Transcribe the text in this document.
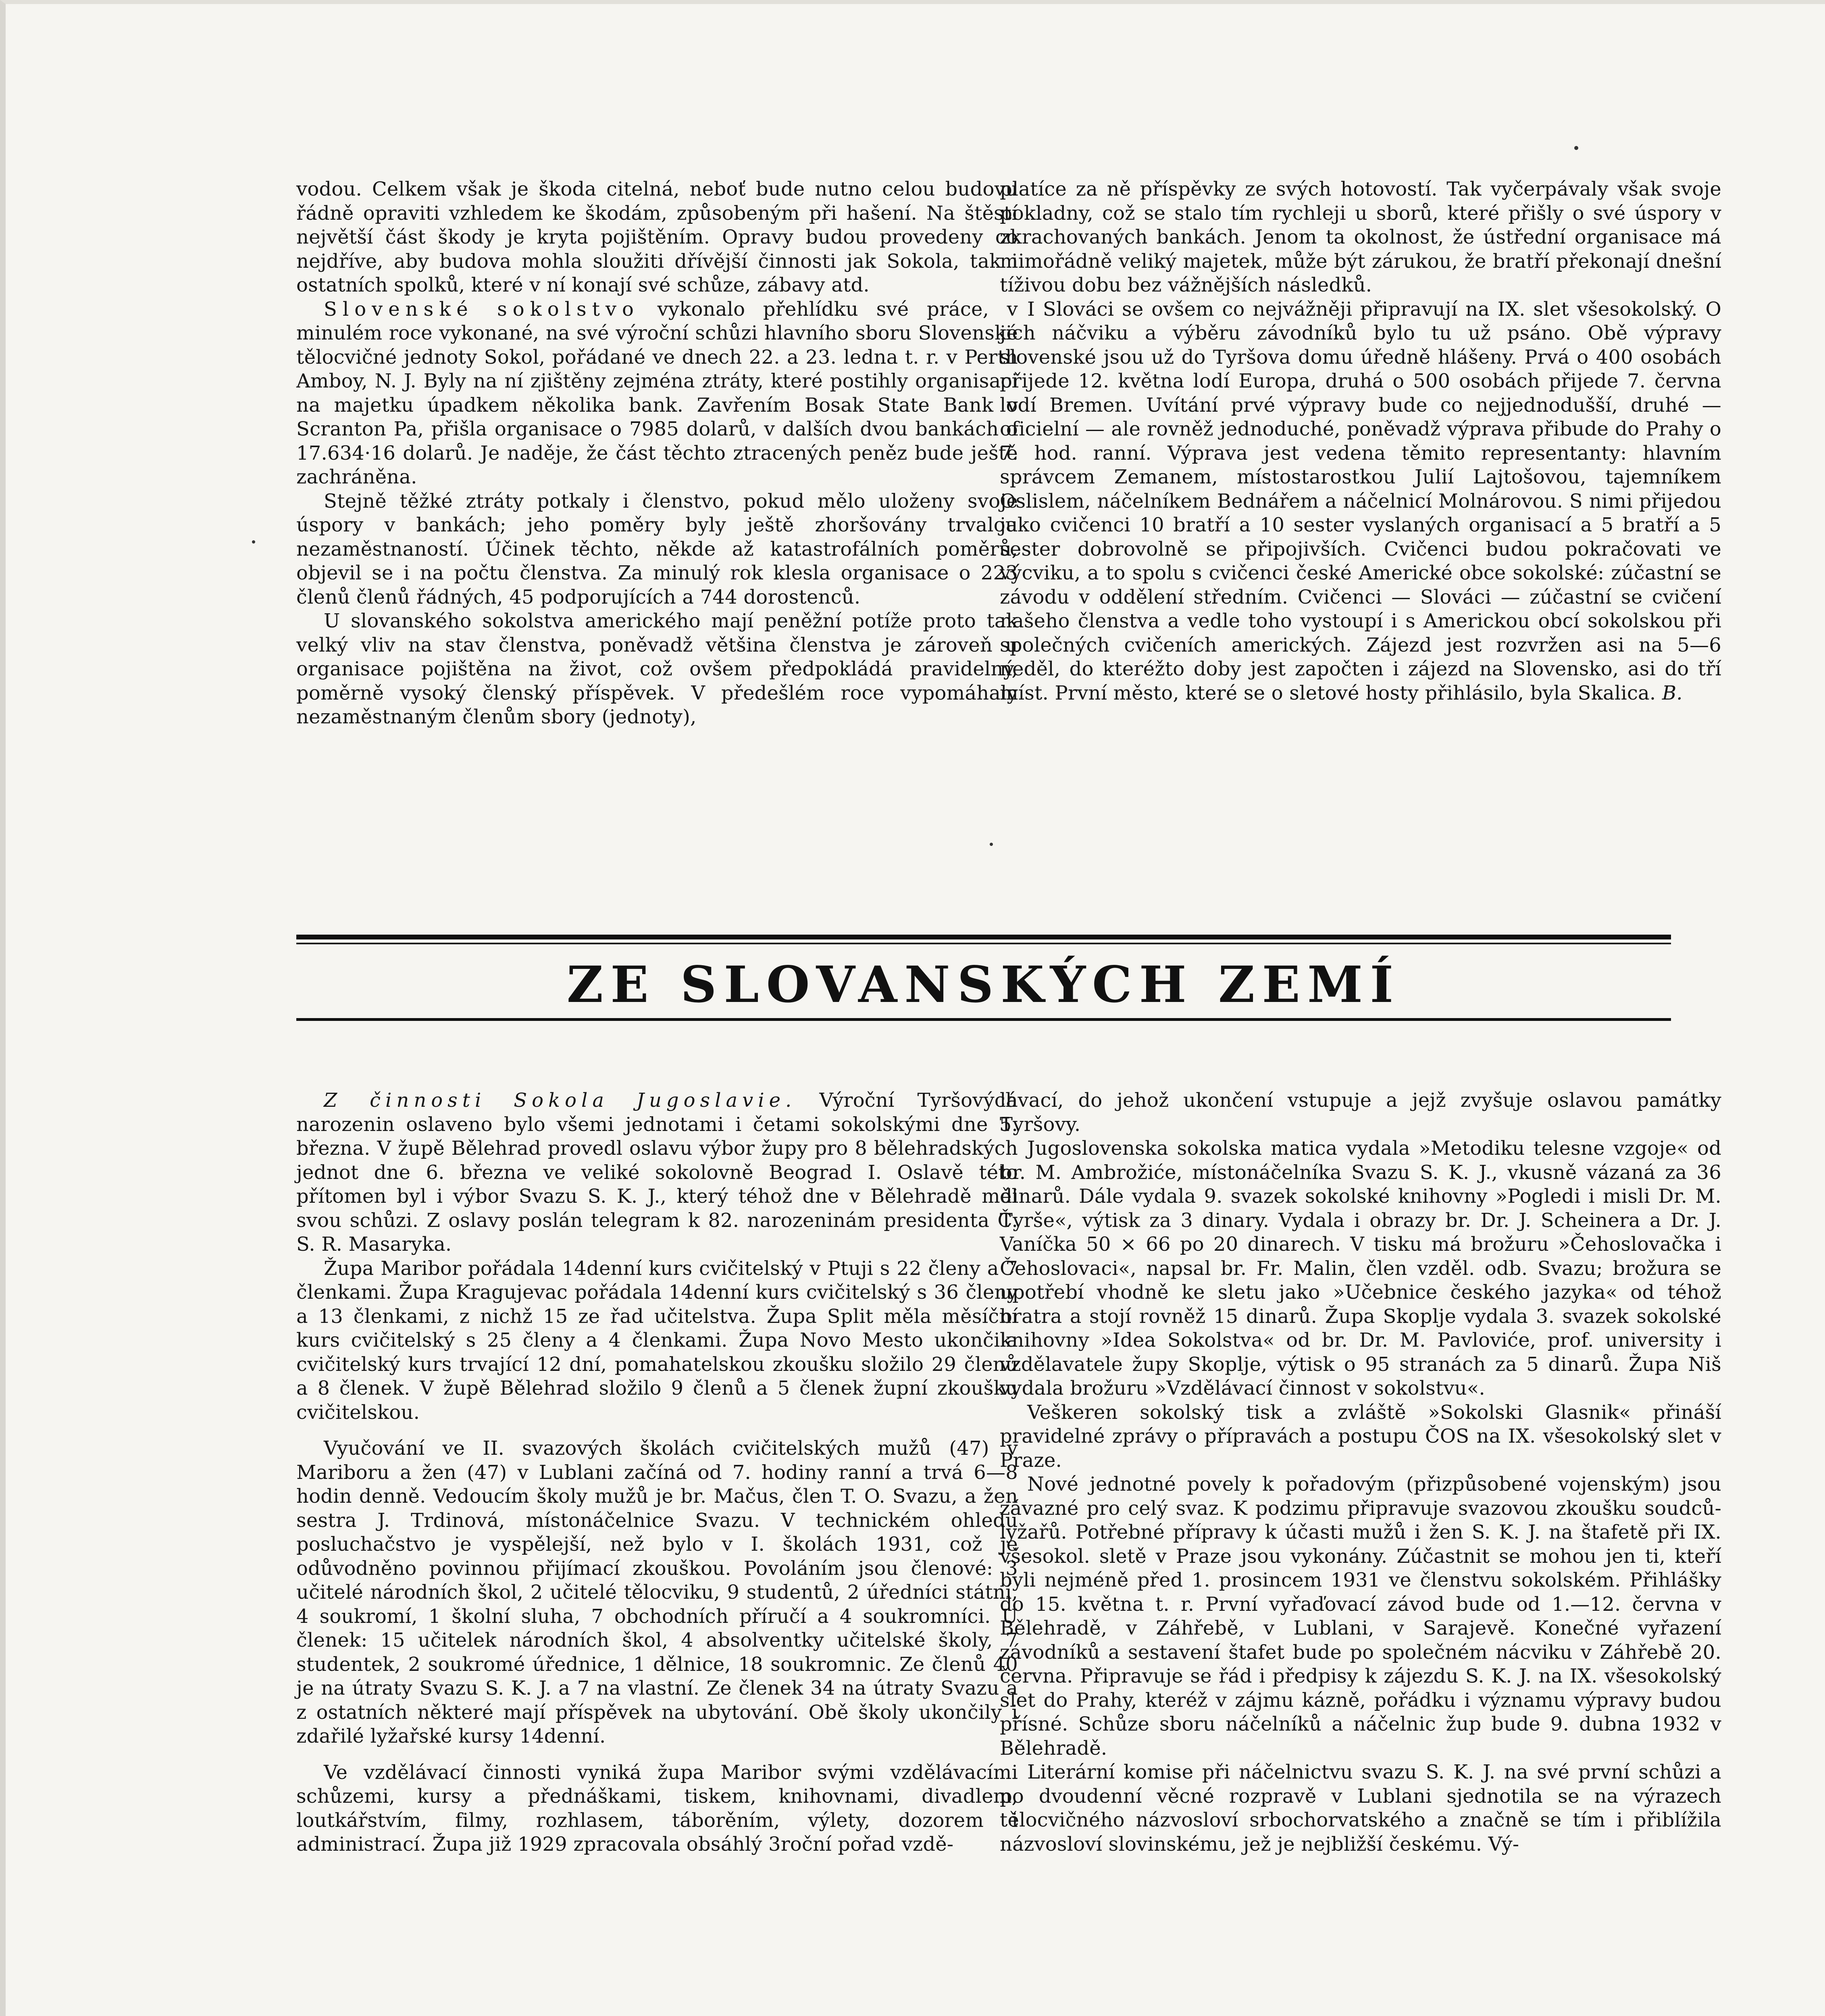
vodou. Celkem však je škoda citelná, neboť bude nutno celou budovu řádně opraviti vzhledem ke škodám, způsobeným při hašení. Na štěstí největší část škody je kryta pojištěním. Opravy budou provedeny co nejdříve, aby budova mohla sloužiti dřívější činnosti jak Sokola, tak i ostatních spolků, které v ní konají své schůze, zábavy atd.

Slovenské sokolstvo vykonalo přehlídku své práce, v minulém roce vykonané, na své výroční schůzi hlavního sboru Slovenské tělocvičné jednoty Sokol, pořádané ve dnech 22. a 23. ledna t. r. v Perth Amboy, N. J. Byly na ní zjištěny zejména ztráty, které postihly organisaci na majetku úpadkem několika bank. Zavřením Bosak State Bank v Scranton Pa, přišla organisace o 7985 dolarů, v dalších dvou bankách o 17.634·16 dolarů. Je naděje, že část těchto ztracených peněz bude ještě zachráněna.

Stejně těžké ztráty potkaly i členstvo, pokud mělo uloženy svoje úspory v bankách; jeho poměry byly ještě zhoršovány trvalou nezaměstnaností. Účinek těchto, někde až katastrofálních poměrů, objevil se i na počtu členstva. Za minulý rok klesla organisace o 223 členů členů řádných, 45 podporujících a 744 dorostenců.

U slovanského sokolstva amerického mají peněžní potíže proto tak velký vliv na stav členstva, poněvadž většina členstva je zároveň u organisace pojištěna na život, což ovšem předpokládá pravidelný, poměrně vysoký členský příspěvek. V předešlém roce vypomáhaly nezaměstnaným členům sbory (jednoty),

platíce za ně příspěvky ze svých hotovostí. Tak vyčerpávaly však svoje pokladny, což se stalo tím rychleji u sborů, které přišly o své úspory v zkrachovaných bankách. Jenom ta okolnost, že ústřední organisace má mimořádně veliký majetek, může být zárukou, že bratří překonají dnešní tíživou dobu bez vážnějších následků.

I Slováci se ovšem co nejvážněji připravují na IX. slet všesokolský. O jich náčviku a výběru závodníků bylo tu už psáno. Obě výpravy slovenské jsou už do Tyršova domu úředně hlášeny. Prvá o 400 osobách přijede 12. května lodí Europa, druhá o 500 osobách přijede 7. června lodí Bremen. Uvítání prvé výpravy bude co nejjednodušší, druhé — oficielní — ale rovněž jednoduché, poněvadž výprava přibude do Prahy o 7. hod. ranní. Výprava jest vedena těmito representanty: hlavním správcem Zemanem, místostarostkou Julií Lajtošovou, tajemníkem Oslislem, náčelníkem Bednářem a náčelnicí Molnárovou. S nimi přijedou jako cvičenci 10 bratří a 10 sester vyslaných organisací a 5 bratří a 5 sester dobrovolně se připojivších. Cvičenci budou pokračovati ve výcviku, a to spolu s cvičenci české Americké obce sokolské: zúčastní se závodu v oddělení středním. Cvičenci — Slováci — zúčastní se cvičení našeho členstva a vedle toho vystoupí i s Americkou obcí sokolskou při společných cvičeních amerických. Zájezd jest rozvržen asi na 5—6 neděl, do kteréžto doby jest započten i zájezd na Slovensko, asi do tří míst. První město, které se o sletové hosty přihlásilo, byla Skalica. B.

ZE SLOVANSKÝCH ZEMÍ

Z činnosti Sokola Jugoslavie. Výroční Tyršových narozenin oslaveno bylo všemi jednotami i četami sokolskými dne 5. března. V župě Bělehrad provedl oslavu výbor župy pro 8 bělehradských jednot dne 6. března ve veliké sokolovně Beograd I. Oslavě této přítomen byl i výbor Svazu S. K. J., který téhož dne v Bělehradě měl svou schůzi. Z oslavy poslán telegram k 82. narozeninám presidenta Č. S. R. Masaryka.

Župa Maribor pořádala 14denní kurs cvičitelský v Ptuji s 22 členy a 7 členkami. Župa Kragujevac pořádala 14denní kurs cvičitelský s 36 členy a 13 členkami, z nichž 15 ze řad učitelstva. Župa Split měla měsíční kurs cvičitelský s 25 členy a 4 členkami. Župa Novo Mesto ukončila cvičitelský kurs trvající 12 dní, pomahatelskou zkoušku složilo 29 členů a 8 členek. V župě Bělehrad složilo 9 členů a 5 členek župní zkoušku cvičitelskou.

Vyučování ve II. svazových školách cvičitelských mužů (47) v Mariboru a žen (47) v Lublani začíná od 7. hodiny ranní a trvá 6—8 hodin denně. Vedoucím školy mužů je br. Mačus, člen T. O. Svazu, a žen sestra J. Trdinová, místonáčelnice Svazu. V technickém ohledu posluchačstvo je vyspělejší, než bylo v I. školách 1931, což je odůvodněno povinnou přijímací zkouškou. Povoláním jsou členové: 3 učitelé národních škol, 2 učitelé tělocviku, 9 studentů, 2 úředníci státní, 4 soukromí, 1 školní sluha, 7 obchodních příručí a 4 soukromníci. U členek: 15 učitelek národních škol, 4 absolventky učitelské školy, 7 studentek, 2 soukromé úřednice, 1 dělnice, 18 soukromnic. Ze členů 40 je na útraty Svazu S. K. J. a 7 na vlastní. Ze členek 34 na útraty Svazu a z ostatních některé mají příspěvek na ubytování. Obě školy ukončily i zdařilé lyžařské kursy 14denní.

Ve vzdělávací činnosti vyniká župa Maribor svými vzdělávacími schůzemi, kursy a přednáškami, tiskem, knihovnami, divadlem, loutkářstvím, filmy, rozhlasem, táborěním, výlety, dozorem i administrací. Župa již 1929 zpracovala obsáhlý 3roční pořad vzdě-

lávací, do jehož ukončení vstupuje a jejž zvyšuje oslavou památky Tyršovy.

Jugoslovenska sokolska matica vydala »Metodiku telesne vzgoje« od br. M. Ambrožiće, místonáčelníka Svazu S. K. J., vkusně vázaná za 36 dinarů. Dále vydala 9. svazek sokolské knihovny »Pogledi i misli Dr. M. Tyrše«, výtisk za 3 dinary. Vydala i obrazy br. Dr. J. Scheinera a Dr. J. Vaníčka 50 × 66 po 20 dinarech. V tisku má brožuru »Čehoslovačka i Čehoslovaci«, napsal br. Fr. Malin, člen vzděl. odb. Svazu; brožura se upotřebí vhodně ke sletu jako »Učebnice českého jazyka« od téhož bratra a stojí rovněž 15 dinarů. Župa Skoplje vydala 3. svazek sokolské knihovny »Idea Sokolstva« od br. Dr. M. Pavloviće, prof. university i vzdělavatele župy Skoplje, výtisk o 95 stranách za 5 dinarů. Župa Niš vydala brožuru »Vzdělávací činnost v sokolstvu«.

Veškeren sokolský tisk a zvláště »Sokolski Glasnik« přináší pravidelné zprávy o přípravách a postupu ČOS na IX. všesokolský slet v Praze.

Nové jednotné povely k pořadovým (přizpůsobené vojenským) jsou závazné pro celý svaz. K podzimu připravuje svazovou zkoušku soudců-lyžařů. Potřebné přípravy k účasti mužů i žen S. K. J. na štafetě při IX. všesokol. sletě v Praze jsou vykonány. Zúčastnit se mohou jen ti, kteří byli nejméně před 1. prosincem 1931 ve členstvu sokolském. Přihlášky do 15. května t. r. První vyřaďovací závod bude od 1.—12. června v Bělehradě, v Záhřebě, v Lublani, v Sarajevě. Konečné vyřazení závodníků a sestavení štafet bude po společném nácviku v Záhřebě 20. června. Připravuje se řád i předpisy k zájezdu S. K. J. na IX. všesokolský slet do Prahy, kteréž v zájmu kázně, pořádku i významu výpravy budou přísné. Schůze sboru náčelníků a náčelnic žup bude 9. dubna 1932 v Bělehradě.

Literární komise při náčelnictvu svazu S. K. J. na své první schůzi a po dvoudenní věcné rozpravě v Lublani sjednotila se na výrazech tělocvičného názvosloví srbochorvatského a značně se tím i přiblížila názvosloví slovinskému, jež je nejbližší českému. Vý-
